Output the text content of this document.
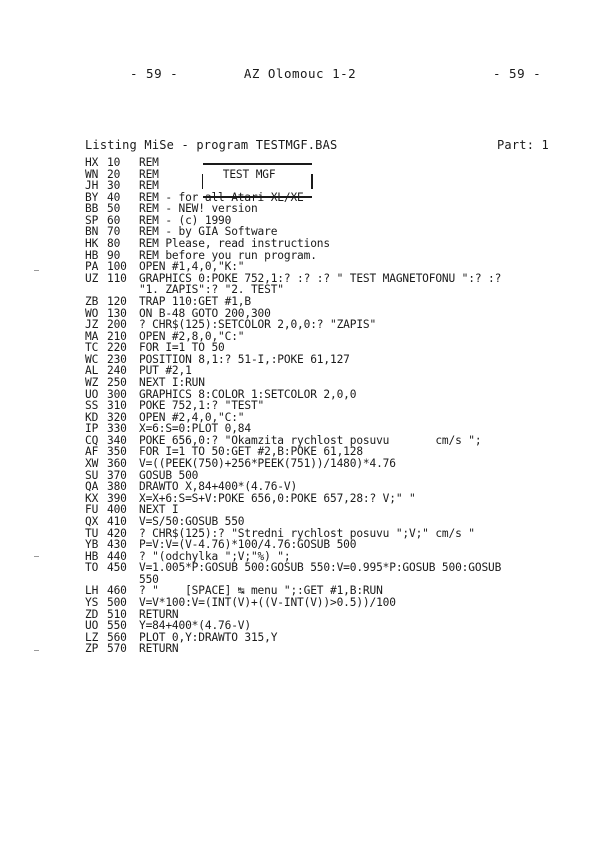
- 59 -	AZ Olomouc 1-2	- 59 -
Listing MiSe - program TESTMGF.BAS	Part: 1
HX 10	REM
WN 20	REM	TEST MGF
JH 30	REM
BY 40	REM - for all Atari XL/XE
BB 50	REM - NEW! version
SP 60	REM - (c) 1990
BN 70	REM - by GIA Software
HK 80	REM Please, read instructions
HB 90	REM before you run program.
PA 100	OPEN #1,4,0,"K:"
UZ 110	GRAPHICS 0:POKE 752,1:? :? :? " TEST MAGNETOFONU ":? :?
"1. ZAPIS":? "2. TEST"
ZB 120	TRAP 110:GET #1,B
WO 130	ON B-48 GOTO 200,300
JZ 200	? CHR$(125):SETCOLOR 2,0,0:? "ZAPIS"
MA 210	OPEN #2,8,0,"C:"
TC 220	FOR I=1 TO 50
WC 230	POSITION 8,1:? 51-I,:POKE 61,127
AL 240	PUT #2,1
WZ 250	NEXT I:RUN
UO 300	GRAPHICS 8:COLOR 1:SETCOLOR 2,0,0
SS 310	POKE 752,1:? "TEST"
KD 320	OPEN #2,4,0,"C:"
IP 330	X=6:S=0:PLOT 0,84
CQ 340	POKE 656,0:? "Okamzita rychlost posuvu       cm/s ";
AF 350	FOR I=1 TO 50:GET #2,B:POKE 61,128
XW 360	V=((PEEK(750)+256*PEEK(751))/1480)*4.76
SU 370	GOSUB 500
QA 380	DRAWTO X,84+400*(4.76-V)
KX 390	X=X+6:S=S+V:POKE 656,0:POKE 657,28:? V;" "
FU 400	NEXT I
QX 410	V=S/50:GOSUB 550
TU 420	? CHR$(125):? "Stredni rychlost posuvu ";V;" cm/s "
YB 430	P=V:V=(V-4.76)*100/4.76:GOSUB 500
HB 440	? "(odchylka ";V;"%) ";
TO 450	V=1.005*P:GOSUB 500:GOSUB 550:V=0.995*P:GOSUB 500:GOSUB
550
LH 460	? "    [SPACE] ↹ menu ";:GET #1,B:RUN
YS 500	V=V*100:V=(INT(V)+((V-INT(V))>0.5))/100
ZD 510	RETURN
UO 550	Y=84+400*(4.76-V)
LZ 560	PLOT 0,Y:DRAWTO 315,Y
ZP 570	RETURN
